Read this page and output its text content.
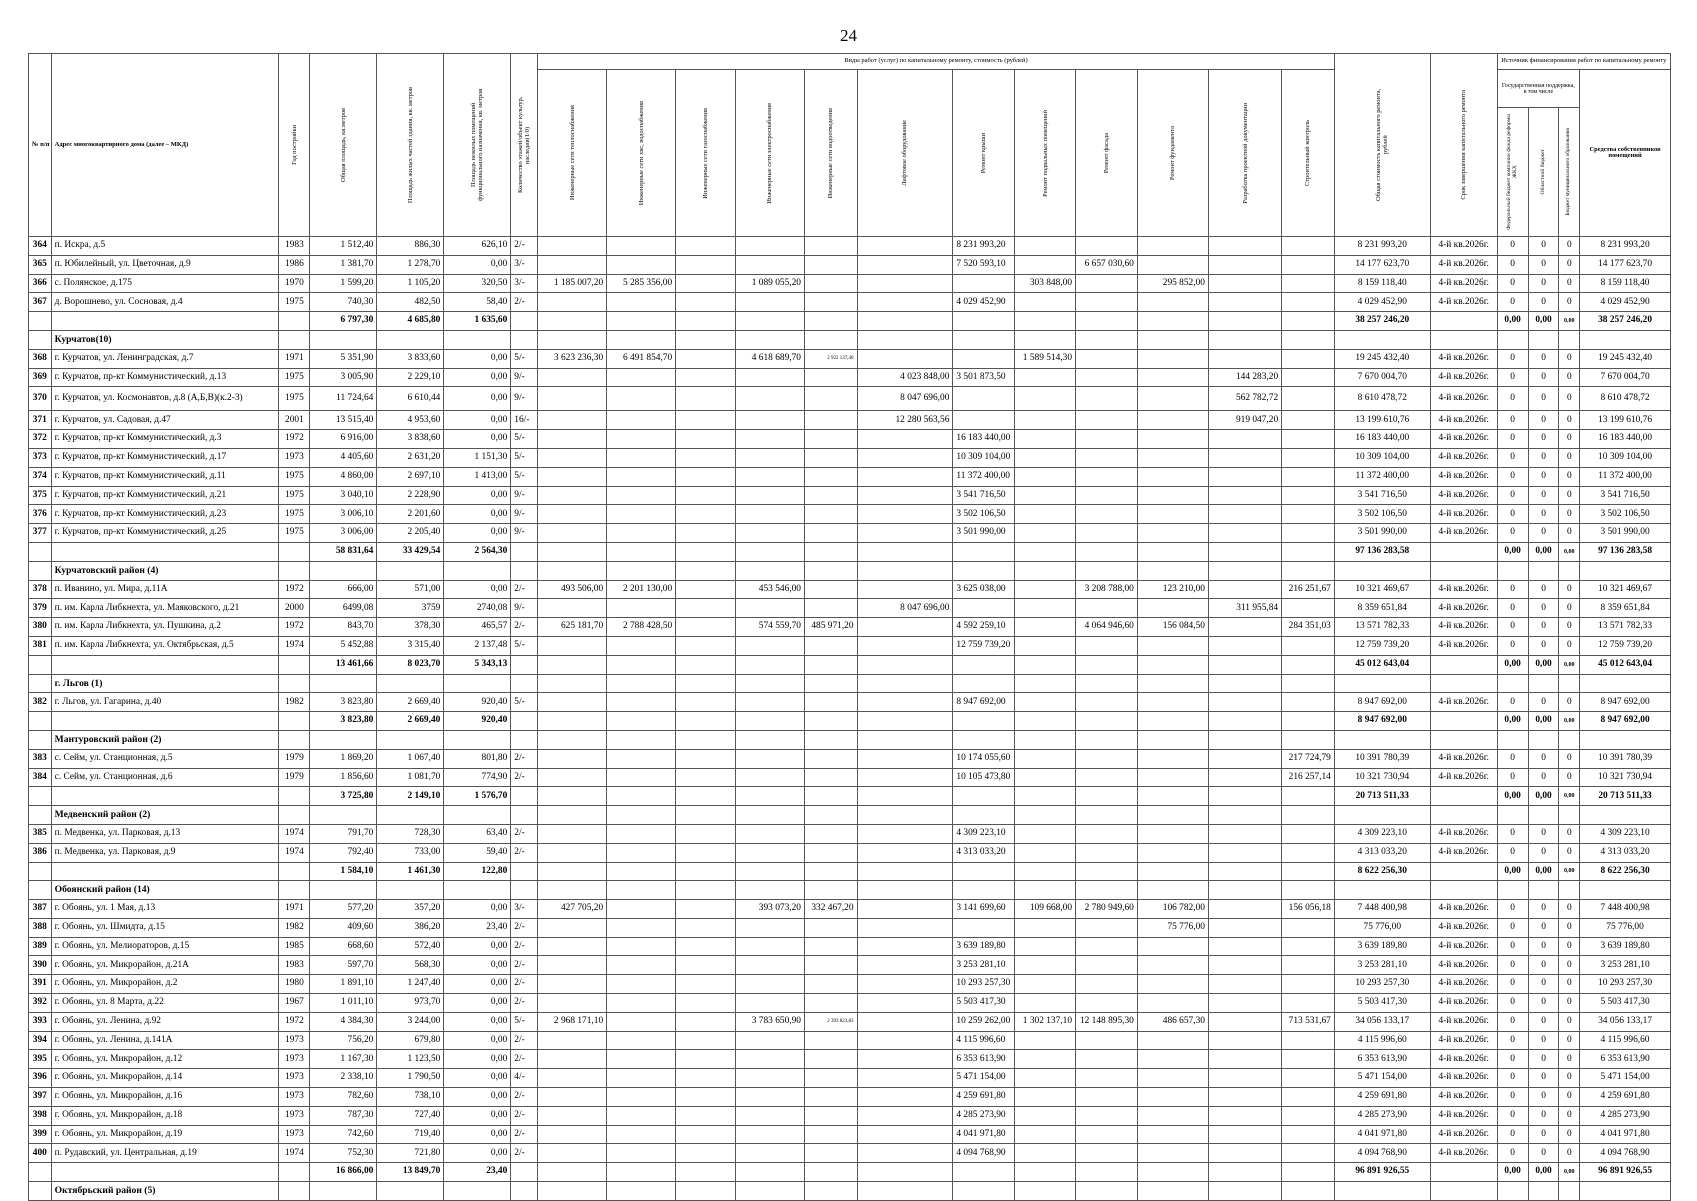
24
№ п/п	Адрес многоквартирного дома (далее – МКД)	Год постройки	Общая площадь, кв.метров	Площадь жилых частей здания, кв. метров	Площадь нежилых помещений функционального назначения, кв. метров	Количество этажей/объект культур. наследия(1/0)	Виды работ (услуг) по капитальному ремонту, стоимость (рублей)												Общая стоимость капитального ремонта, рублей	Срок завершения капитального ремонта	Источник финансирования работ по капитальному ремонту			

							Инженерные сети теплоснабжения	Инженерные сети хвс, водоснабжения	Инженерные сети газоснабжения	Инженерные сети электроснабжения	Инженерные сети водоотведения	Лифтовое оборудование	Ремонт крыши	Ремонт подвальных помещений	Ремонт фасада	Ремонт фундамента	Разработка проектной документации	Строительный контроль			Государственная поддержка, в том числе			Средства собственников помещений

																					Федеральный бюджет компании фонда реформы ЖКХ	Областной бюджет	Бюджет муниципального образования	

364	п. Искра, д.5	1983	1 512,40	886,30	626,10	2/-							8 231 993,20						8 231 993,20	4-й кв.2026г.	0	0	0	8 231 993,20
365	п. Юбилейный, ул. Цветочная, д.9	1986	1 381,70	1 278,70	0,00	3/-							7 520 593,10		6 657 030,60				14 177 623,70	4-й кв.2026г.	0	0	0	14 177 623,70
366	с. Полянское, д.175	1970	1 599,20	1 105,20	320,50	3/-	1 185 007,20	5 285 356,00		1 089 055,20				303 848,00		295 852,00			8 159 118,40	4-й кв.2026г.	0	0	0	8 159 118,40
367	д. Ворошнево, ул. Сосновая, д.4	1975	740,30	482,50	58,40	2/-							4 029 452,90						4 029 452,90	4-й кв.2026г.	0	0	0	4 029 452,90
			6 797,30	4 685,80	1 635,60														38 257 246,20		0,00	0,00	0,00	38 257 246,20
	Курчатов(10)																							
368	г. Курчатов, ул. Ленинградская, д.7	1971	5 351,90	3 833,60	0,00	5/-	3 623 236,30	6 491 854,70		4 618 689,70	2 922 137,40			1 589 514,30					19 245 432,40	4-й кв.2026г.	0	0	0	19 245 432,40
369	г. Курчатов, пр-кт Коммунистический, д.13	1975	3 005,90	2 229,10	0,00	9/-						4 023 848,00	3 501 873,50				144 283,20		7 670 004,70	4-й кв.2026г.	0	0	0	7 670 004,70
370	г. Курчатов, ул. Космонавтов, д.8 (А,Б,В)(к.2-3)	1975	11 724,64	6 610,44	0,00	9/-						8 047 696,00					562 782,72		8 610 478,72	4-й кв.2026г.	0	0	0	8 610 478,72
371	г. Курчатов, ул. Садовая, д.47	2001	13 515,40	4 953,60	0,00	16/-						12 280 563,56					919 047,20		13 199 610,76	4-й кв.2026г.	0	0	0	13 199 610,76
372	г. Курчатов, пр-кт Коммунистический, д.3	1972	6 916,00	3 838,60	0,00	5/-							16 183 440,00						16 183 440,00	4-й кв.2026г.	0	0	0	16 183 440,00
373	г. Курчатов, пр-кт Коммунистический, д.17	1973	4 405,60	2 631,20	1 151,30	5/-							10 309 104,00						10 309 104,00	4-й кв.2026г.	0	0	0	10 309 104,00
374	г. Курчатов, пр-кт Коммунистический, д.11	1975	4 860,00	2 697,10	1 413,00	5/-							11 372 400,00						11 372 400,00	4-й кв.2026г.	0	0	0	11 372 400,00
375	г. Курчатов, пр-кт Коммунистический, д.21	1975	3 040,10	2 228,90	0,00	9/-							3 541 716,50						3 541 716,50	4-й кв.2026г.	0	0	0	3 541 716,50
376	г. Курчатов, пр-кт Коммунистический, д.23	1975	3 006,10	2 201,60	0,00	9/-							3 502 106,50						3 502 106,50	4-й кв.2026г.	0	0	0	3 502 106,50
377	г. Курчатов, пр-кт Коммунистический, д.25	1975	3 006,00	2 205,40	0,00	9/-							3 501 990,00						3 501 990,00	4-й кв.2026г.	0	0	0	3 501 990,00
			58 831,64	33 429,54	2 564,30														97 136 283,58		0,00	0,00	0,00	97 136 283,58
	Курчатовский район (4)																							
378	п. Иванино, ул. Мира, д.11А	1972	666,00	571,00	0,00	2/-	493 506,00	2 201 130,00		453 546,00			3 625 038,00		3 208 788,00	123 210,00		216 251,67	10 321 469,67	4-й кв.2026г.	0	0	0	10 321 469,67
379	п. им. Карла Либкнехта, ул. Маяковского, д.21	2000	6499,08	3759	2740,08	9/-						8 047 696,00					311 955,84		8 359 651,84	4-й кв.2026г.	0	0	0	8 359 651,84
380	п. им. Карла Либкнехта, ул. Пушкина, д.2	1972	843,70	378,30	465,57	2/-	625 181,70	2 788 428,50		574 559,70	485 971,20		4 592 259,10		4 064 946,60	156 084,50		284 351,03	13 571 782,33	4-й кв.2026г.	0	0	0	13 571 782,33
381	п. им. Карла Либкнехта, ул. Октябрьская, д.5	1974	5 452,88	3 315,40	2 137,48	5/-							12 759 739,20						12 759 739,20	4-й кв.2026г.	0	0	0	12 759 739,20
			13 461,66	8 023,70	5 343,13														45 012 643,04		0,00	0,00	0,00	45 012 643,04
	г. Льгов (1)																							
382	г. Льгов, ул. Гагарина, д.40	1982	3 823,80	2 669,40	920,40	5/-							8 947 692,00						8 947 692,00	4-й кв.2026г.	0	0	0	8 947 692,00
			3 823,80	2 669,40	920,40														8 947 692,00		0,00	0,00	0,00	8 947 692,00
	Мантуровский район (2)																							
383	с. Сейм, ул. Станционная, д.5	1979	1 869,20	1 067,40	801,80	2/-							10 174 055,60					217 724,79	10 391 780,39	4-й кв.2026г.	0	0	0	10 391 780,39
384	с. Сейм, ул. Станционная, д.6	1979	1 856,60	1 081,70	774,90	2/-							10 105 473,80					216 257,14	10 321 730,94	4-й кв.2026г.	0	0	0	10 321 730,94
			3 725,80	2 149,10	1 576,70														20 713 511,33		0,00	0,00	0,00	20 713 511,33
	Медвенский район (2)																							
385	п. Медвенка, ул. Парковая, д.13	1974	791,70	728,30	63,40	2/-							4 309 223,10						4 309 223,10	4-й кв.2026г.	0	0	0	4 309 223,10
386	п. Медвенка, ул. Парковая, д.9	1974	792,40	733,00	59,40	2/-							4 313 033,20						4 313 033,20	4-й кв.2026г.	0	0	0	4 313 033,20
			1 584,10	1 461,30	122,80														8 622 256,30		0,00	0,00	0,00	8 622 256,30
	Обоянский район (14)																							
387	г. Обоянь, ул. 1 Мая, д.13	1971	577,20	357,20	0,00	3/-	427 705,20			393 073,20	332 467,20		3 141 699,60	109 668,00	2 780 949,60	106 782,00		156 056,18	7 448 400,98	4-й кв.2026г.	0	0	0	7 448 400,98
388	г. Обоянь, ул. Шмидта, д.15	1982	409,60	386,20	23,40	2/-										75 776,00			75 776,00	4-й кв.2026г.	0	0	0	75 776,00
389	г. Обоянь, ул. Мелиораторов, д.15	1985	668,60	572,40	0,00	2/-							3 639 189,80						3 639 189,80	4-й кв.2026г.	0	0	0	3 639 189,80
390	г. Обоянь, ул. Микрорайон, д.21А	1983	597,70	568,30	0,00	2/-							3 253 281,10						3 253 281,10	4-й кв.2026г.	0	0	0	3 253 281,10
391	г. Обоянь, ул. Микрорайон, д.2	1980	1 891,10	1 247,40	0,00	2/-							10 293 257,30						10 293 257,30	4-й кв.2026г.	0	0	0	10 293 257,30
392	г. Обоянь, ул. 8 Марта, д.22	1967	1 011,10	973,70	0,00	2/-							5 503 417,30						5 503 417,30	4-й кв.2026г.	0	0	0	5 503 417,30
393	г. Обоянь, ул. Ленина, д.92	1972	4 384,30	3 244,00	0,00	5/-	2 968 171,10			3 783 650,90	2 393 823,83		10 259 262,00	1 302 137,10	12 148 895,30	486 657,30		713 531,67	34 056 133,17	4-й кв.2026г.	0	0	0	34 056 133,17
394	г. Обоянь, ул. Ленина, д.141А	1973	756,20	679,80	0,00	2/-							4 115 996,60						4 115 996,60	4-й кв.2026г.	0	0	0	4 115 996,60
395	г. Обоянь, ул. Микрорайон, д.12	1973	1 167,30	1 123,50	0,00	2/-							6 353 613,90						6 353 613,90	4-й кв.2026г.	0	0	0	6 353 613,90
396	г. Обоянь, ул. Микрорайон, д.14	1973	2 338,10	1 790,50	0,00	4/-							5 471 154,00						5 471 154,00	4-й кв.2026г.	0	0	0	5 471 154,00
397	г. Обоянь, ул. Микрорайон, д.16	1973	782,60	738,10	0,00	2/-							4 259 691,80						4 259 691,80	4-й кв.2026г.	0	0	0	4 259 691,80
398	г. Обоянь, ул. Микрорайон, д.18	1973	787,30	727,40	0,00	2/-							4 285 273,90						4 285 273,90	4-й кв.2026г.	0	0	0	4 285 273,90
399	г. Обоянь, ул. Микрорайон, д.19	1973	742,60	719,40	0,00	2/-							4 041 971,80						4 041 971,80	4-й кв.2026г.	0	0	0	4 041 971,80
400	п. Рудавский, ул. Центральная, д.19	1974	752,30	721,80	0,00	2/-							4 094 768,90						4 094 768,90	4-й кв.2026г.	0	0	0	4 094 768,90
			16 866,00	13 849,70	23,40														96 891 926,55		0,00	0,00	0,00	96 891 926,55
	Октябрьский район (5)																							
